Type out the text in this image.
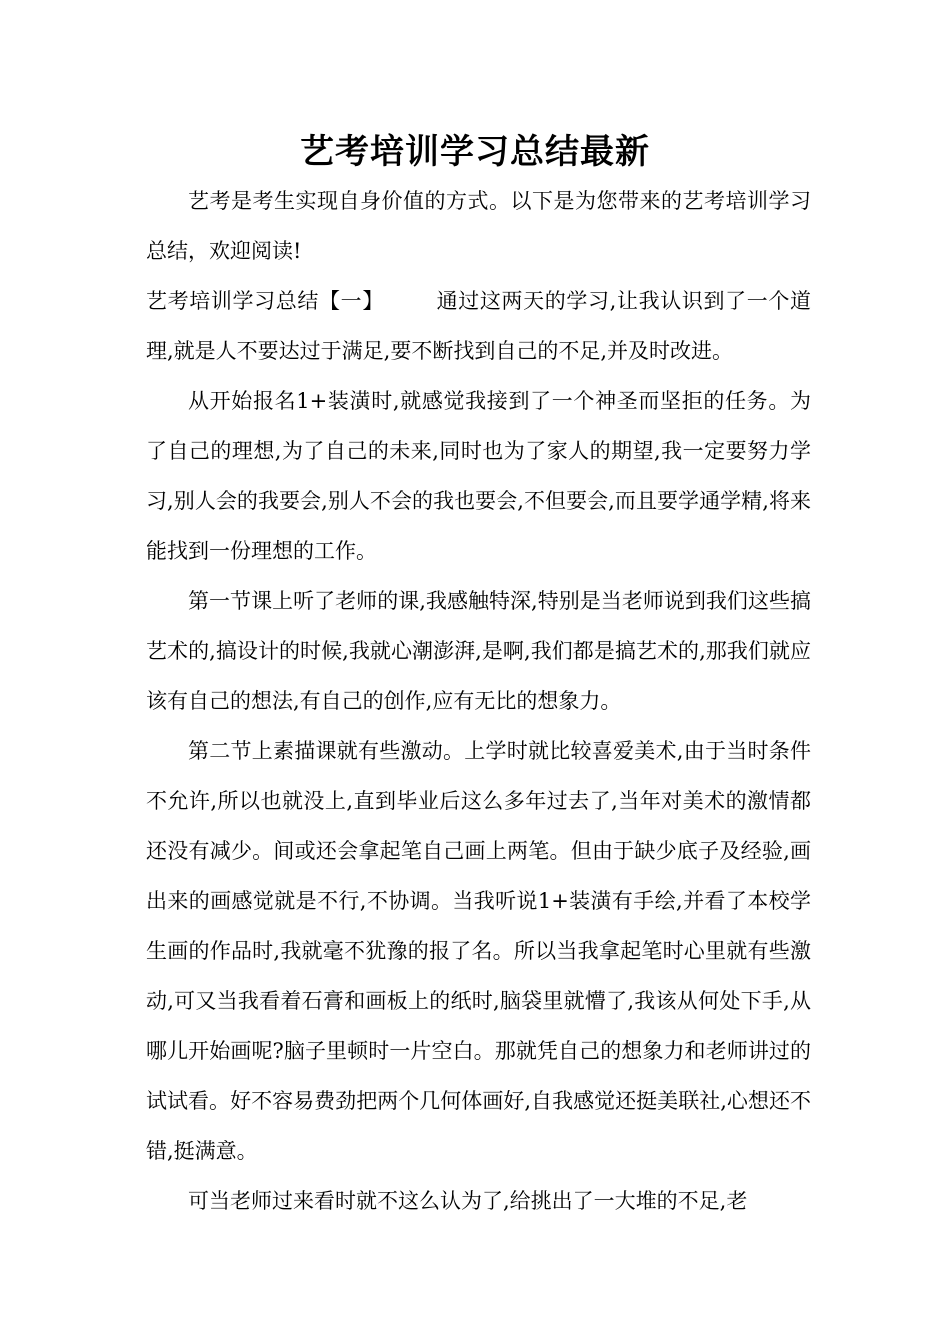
艺考培训学习总结最新

艺考是考生实现自身价值的方式。以下是为您带来的艺考培训学习总结，欢迎阅读!

艺考培训学习总结【一】 通过这两天的学习,让我认识到了一个道理,就是人不要达过于满足,要不断找到自己的不足,并及时改进。

从开始报名1+装潢时,就感觉我接到了一个神圣而坚拒的任务。为了自己的理想,为了自己的未来,同时也为了家人的期望,我一定要努力学习,别人会的我要会,别人不会的我也要会,不但要会,而且要学通学精,将来能找到一份理想的工作。

第一节课上听了老师的课,我感触特深,特别是当老师说到我们这些搞艺术的,搞设计的时候,我就心潮澎湃,是啊,我们都是搞艺术的,那我们就应该有自己的想法,有自己的创作,应有无比的想象力。

第二节上素描课就有些激动。上学时就比较喜爱美术,由于当时条件不允许,所以也就没上,直到毕业后这么多年过去了,当年对美术的激情都还没有减少。间或还会拿起笔自己画上两笔。但由于缺少底子及经验,画出来的画感觉就是不行,不协调。当我听说1+装潢有手绘,并看了本校学生画的作品时,我就毫不犹豫的报了名。所以当我拿起笔时心里就有些激动,可又当我看着石膏和画板上的纸时,脑袋里就懵了,我该从何处下手,从哪儿开始画呢?脑子里顿时一片空白。那就凭自己的想象力和老师讲过的试试看。好不容易费劲把两个几何体画好,自我感觉还挺美联社,心想还不错,挺满意。

可当老师过来看时就不这么认为了,给挑出了一大堆的不足,老
